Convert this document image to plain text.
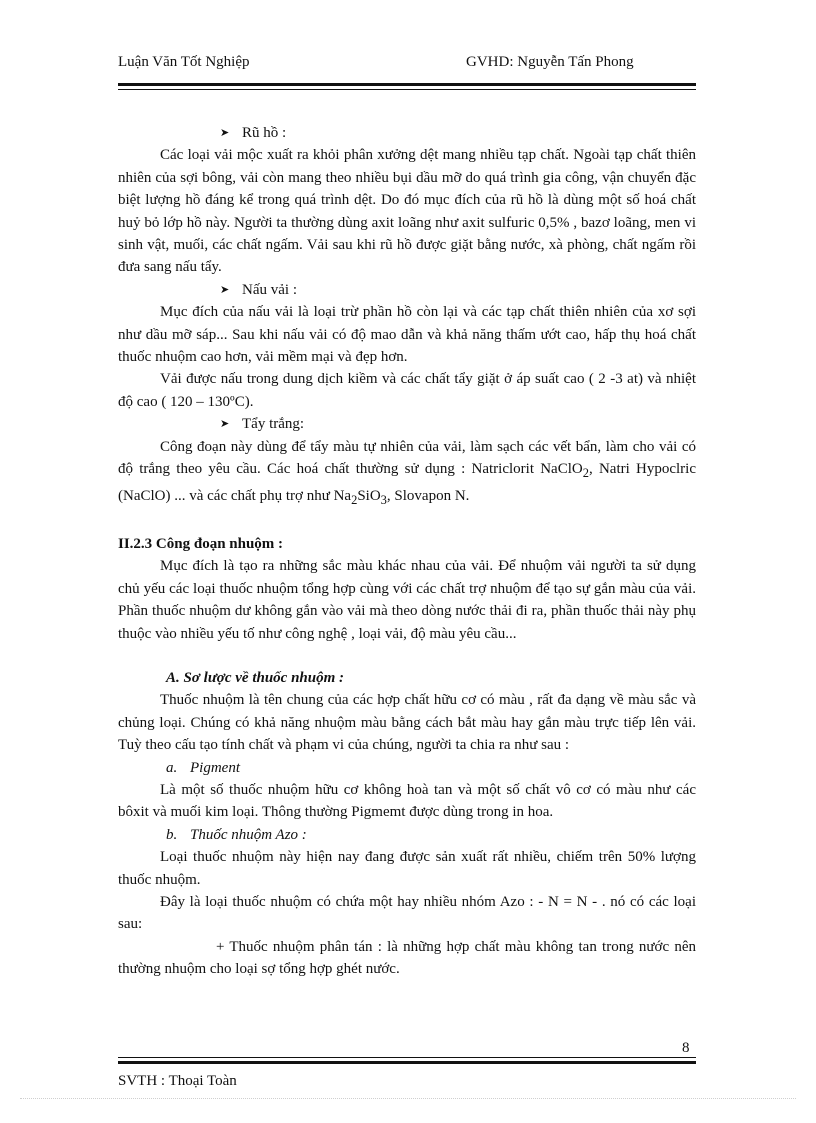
Luận Văn Tốt Nghiệp	GVHD: Nguyễn Tấn Phong
➤ Rũ hồ :

Các loại vải mộc xuất ra khỏi phân xưởng dệt mang nhiều tạp chất. Ngoài tạp chất thiên nhiên của sợi bông, vải còn mang theo nhiều bụi dầu mỡ do quá trình gia công, vận chuyển đặc biệt lượng hồ đáng kể trong quá trình dệt. Do đó mục đích của rũ hồ là dùng một số hoá chất huỷ bỏ lớp hồ này. Người ta thường dùng axit loãng như axit sulfuric 0,5% , bazơ loãng, men vi sinh vật, muối, các chất ngấm. Vải sau khi rũ hồ được giặt bằng nước, xà phòng, chất ngấm rồi đưa sang nấu tẩy.

➤ Nấu vải :

Mục đích của nấu vải là loại trừ phần hồ còn lại và các tạp chất thiên nhiên của xơ sợi như dầu mỡ sáp... Sau khi nấu vải có độ mao dẫn và khả năng thấm ướt cao, hấp thụ hoá chất thuốc nhuộm cao hơn, vải mềm mại và đẹp hơn.

Vải được nấu trong dung dịch kiềm và các chất tẩy giặt ở áp suất cao ( 2 -3 at) và nhiệt độ cao ( 120 – 130ºC).

➤ Tẩy trắng:

Công đoạn này dùng để tẩy màu tự nhiên của vải, làm sạch các vết bẩn, làm cho vải có độ trắng theo yêu cầu. Các hoá chất thường sử dụng : Natriclorit NaClO$_2$, Natri Hypoclric (NaClO) ... và các chất phụ trợ như $Na_2SiO_3$, Slovapon N.

II.2.3 Công đoạn nhuộm :

Mục đích là tạo ra những sắc màu khác nhau của vải. Để nhuộm vải người ta sử dụng chủ yếu các loại thuốc nhuộm tổng hợp cùng với các chất trợ nhuộm để tạo sự gắn màu của vải. Phần thuốc nhuộm dư không gắn vào vải mà theo dòng nước thải đi ra, phần thuốc thải này phụ thuộc vào nhiều yếu tố như công nghệ , loại vải, độ màu yêu cầu...

A. Sơ lược về thuốc nhuộm :

Thuốc nhuộm là tên chung của các hợp chất hữu cơ có màu , rất đa dạng về màu sắc và chủng loại. Chúng có khả năng nhuộm màu bằng cách bắt màu hay gắn màu trực tiếp lên vải. Tuỳ theo cấu tạo tính chất và phạm vi của chúng, người ta chia ra như sau :

a. Pigment

Là một số thuốc nhuộm hữu cơ không hoà tan và một số chất vô cơ có màu như các bôxit và muối kim loại. Thông thường Pigmemt được dùng trong in hoa.

b. Thuốc nhuộm Azo :

Loại thuốc nhuộm này hiện nay đang được sản xuất rất nhiều, chiếm trên 50% lượng thuốc nhuộm.

Đây là loại thuốc nhuộm có chứa một hay nhiều nhóm Azo : - N = N - . nó có các loại sau:

+ Thuốc nhuộm phân tán : là những hợp chất màu không tan trong nước nên thường nhuộm cho loại sợ tổng hợp ghét nước.

8
SVTH : Thoại Toàn
